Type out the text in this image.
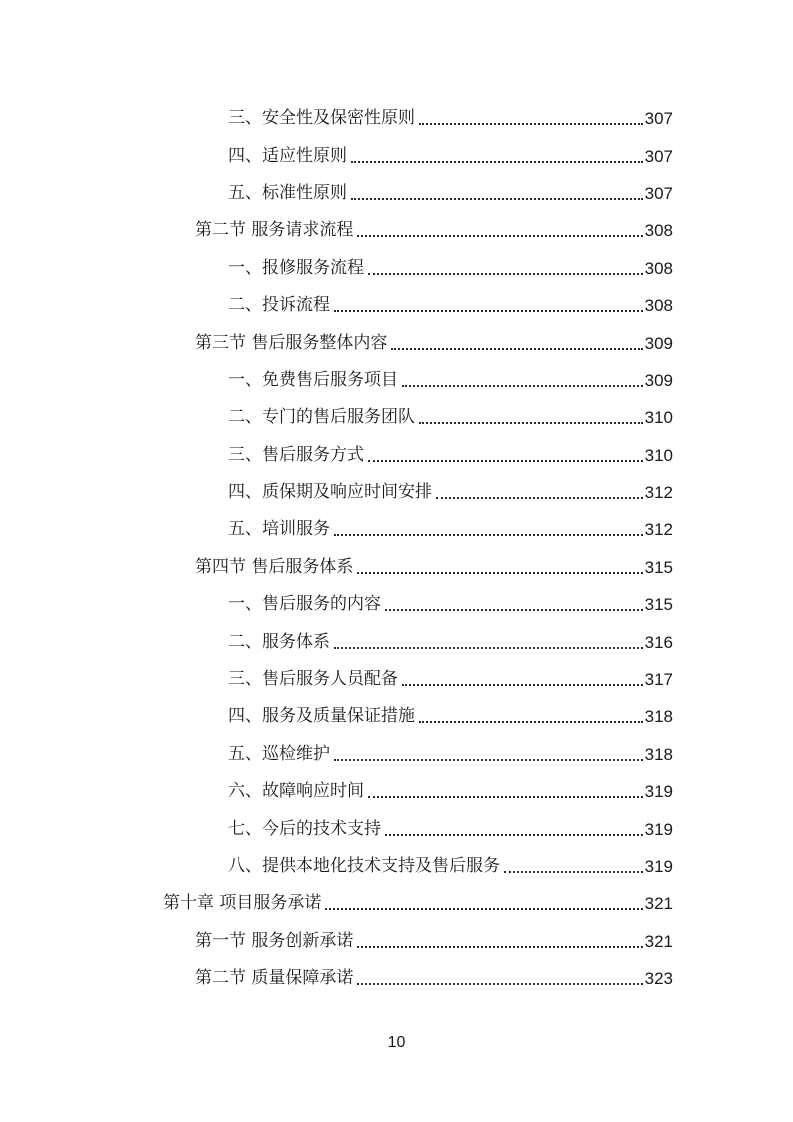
三、安全性及保密性原则	307
四、适应性原则	307
五、标准性原则	307
第二节 服务请求流程	308
一、报修服务流程	308
二、投诉流程	308
第三节 售后服务整体内容	309
一、免费售后服务项目	309
二、专门的售后服务团队	310
三、售后服务方式	310
四、质保期及响应时间安排	312
五、培训服务	312
第四节 售后服务体系	315
一、售后服务的内容	315
二、服务体系	316
三、售后服务人员配备	317
四、服务及质量保证措施	318
五、巡检维护	318
六、故障响应时间	319
七、今后的技术支持	319
八、提供本地化技术支持及售后服务	319
第十章 项目服务承诺	321
第一节 服务创新承诺	321
第二节 质量保障承诺	323
10
